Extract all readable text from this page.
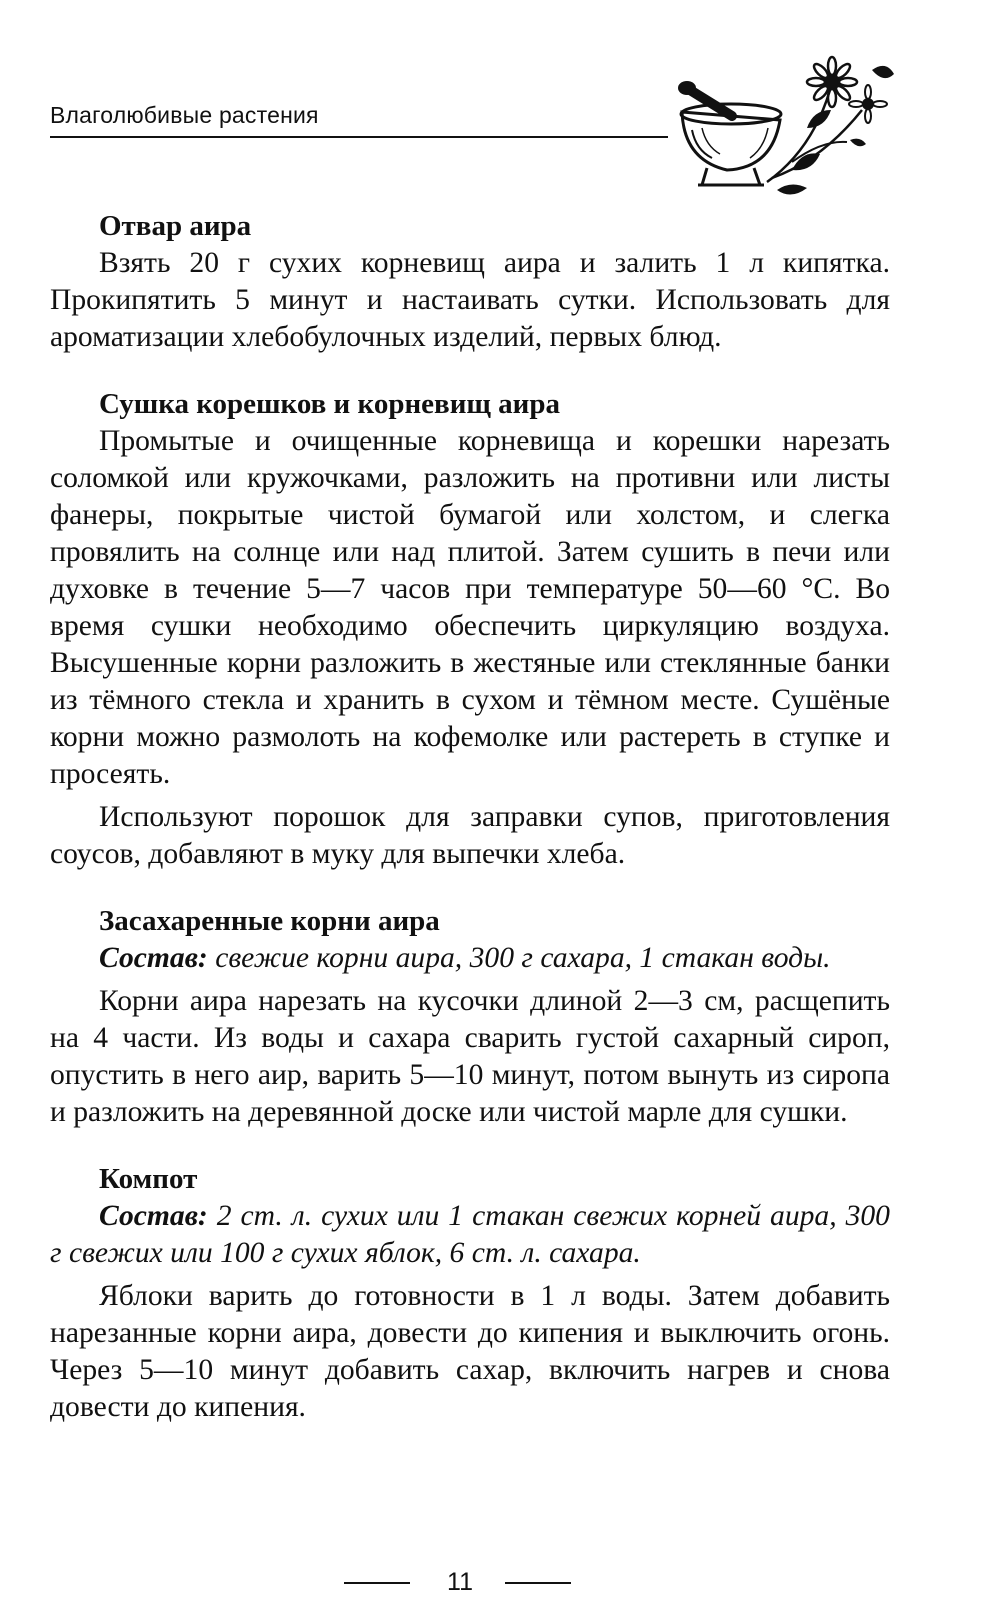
Влаголюбивые растения
Отвар аира

Взять 20 г сухих корневищ аира и залить 1 л кипятка. Прокипятить 5 минут и настаивать сутки. Использовать для ароматизации хлебобулочных изделий, первых блюд.

Сушка корешков и корневищ аира

Промытые и очищенные корневища и корешки нарезать соломкой или кружочками, разложить на противни или листы фанеры, покрытые чистой бумагой или холстом, и слегка провялить на солнце или над плитой. Затем сушить в печи или духовке в течение 5—7 часов при температуре 50—60 °C. Во время сушки необходимо обеспечить циркуляцию воздуха. Высушенные корни разложить в жестяные или стеклянные банки из тёмного стекла и хранить в сухом и тёмном месте. Сушёные корни можно размолоть на кофемолке или растереть в ступке и просеять.

Используют порошок для заправки супов, приготовления соусов, добавляют в муку для выпечки хлеба.

Засахаренные корни аира

Состав: свежие корни аира, 300 г сахара, 1 стакан воды.

Корни аира нарезать на кусочки длиной 2—3 см, расщепить на 4 части. Из воды и сахара сварить густой сахарный сироп, опустить в него аир, варить 5—10 минут, потом вынуть из сиропа и разложить на деревянной доске или чистой марле для сушки.

Компот

Состав: 2 ст. л. сухих или 1 стакан свежих корней аира, 300 г свежих или 100 г сухих яблок, 6 ст. л. сахара.

Яблоки варить до готовности в 1 л воды. Затем добавить нарезанные корни аира, довести до кипения и выключить огонь. Через 5—10 минут добавить сахар, включить нагрев и снова довести до кипения.

11
